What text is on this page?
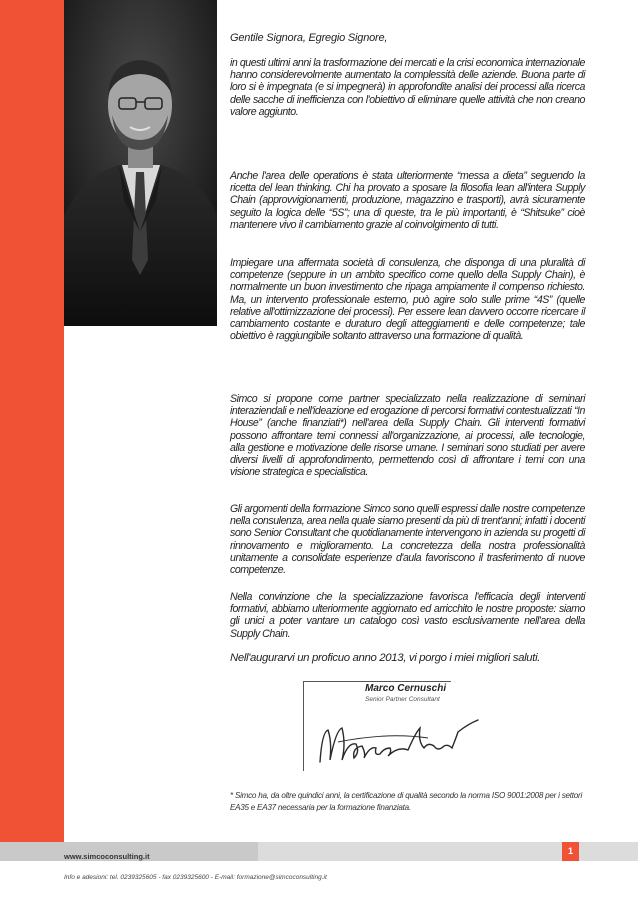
Gentile Signora, Egregio Signore,

in questi ultimi anni la trasformazione dei mercati e la crisi economica internazionale hanno considerevolmente aumentato la complessità delle aziende. Buona parte di loro si è impegnata (e si impegnerà) in approfondite analisi dei processi alla ricerca delle sacche di inefficienza con l'obiettivo di eliminare quelle attività che non creano valore aggiunto.

Anche l'area delle operations è stata ulteriormente “messa a dieta” seguendo la ricetta del lean thinking. Chi ha provato a sposare la filosofia lean all'intera Supply Chain (approvvigionamenti, produzione, magazzino e trasporti), avrà sicuramente seguito la logica delle “5S”; una di queste, tra le più importanti, è “Shitsuke” cioè mantenere vivo il cambiamento grazie al coinvolgimento di tutti.

Impiegare una affermata società di consulenza, che disponga di una pluralità di competenze (seppure in un ambito specifico come quello della Supply Chain), è normalmente un buon investimento che ripaga ampiamente il compenso richiesto. Ma, un intervento professionale esterno, può agire solo sulle prime “4S” (quelle relative all'ottimizzazione dei processi). Per essere lean davvero occorre ricercare il cambiamento costante e duraturo degli atteggiamenti e delle competenze; tale obiettivo è raggiungibile soltanto attraverso una formazione di qualità.

Simco si propone come partner specializzato nella realizzazione di seminari interaziendali e nell'ideazione ed erogazione di percorsi formativi contestualizzati “In House” (anche finanziati*) nell'area della Supply Chain. Gli interventi formativi possono affrontare temi connessi all'organizzazione, ai processi, alle tecnologie, alla gestione e motivazione delle risorse umane. I seminari sono studiati per avere diversi livelli di approfondimento, permettendo così di affrontare i temi con una visione strategica e specialistica.

Gli argomenti della formazione Simco sono quelli espressi dalle nostre competenze nella consulenza, area nella quale siamo presenti da più di trent'anni; infatti i docenti sono Senior Consultant che quotidianamente intervengono in azienda su progetti di rinnovamento e miglioramento. La concretezza della nostra professionalità unitamente a consolidate esperienze d'aula favoriscono il trasferimento di nuove competenze.

Nella convinzione che la specializzazione favorisca l'efficacia degli interventi formativi, abbiamo ulteriormente aggiornato ed arricchito le nostre proposte: siamo gli unici a poter vantare un catalogo così vasto esclusivamente nell'area della Supply Chain.

Nell'augurarvi un proficuo anno 2013, vi porgo i miei migliori saluti.
Marco Cernuschi
Senior Partner Consultant
* Simco ha, da oltre quindici anni, la certificazione di qualità secondo la norma ISO 9001:2008 per i settori EA35 e EA37 necessaria per la formazione finanziata.
www.simcoconsulting.it
1
Info e adesioni: tel. 0239325605 - fax 0239325600 - E-mail: formazione@simcoconsulting.it
